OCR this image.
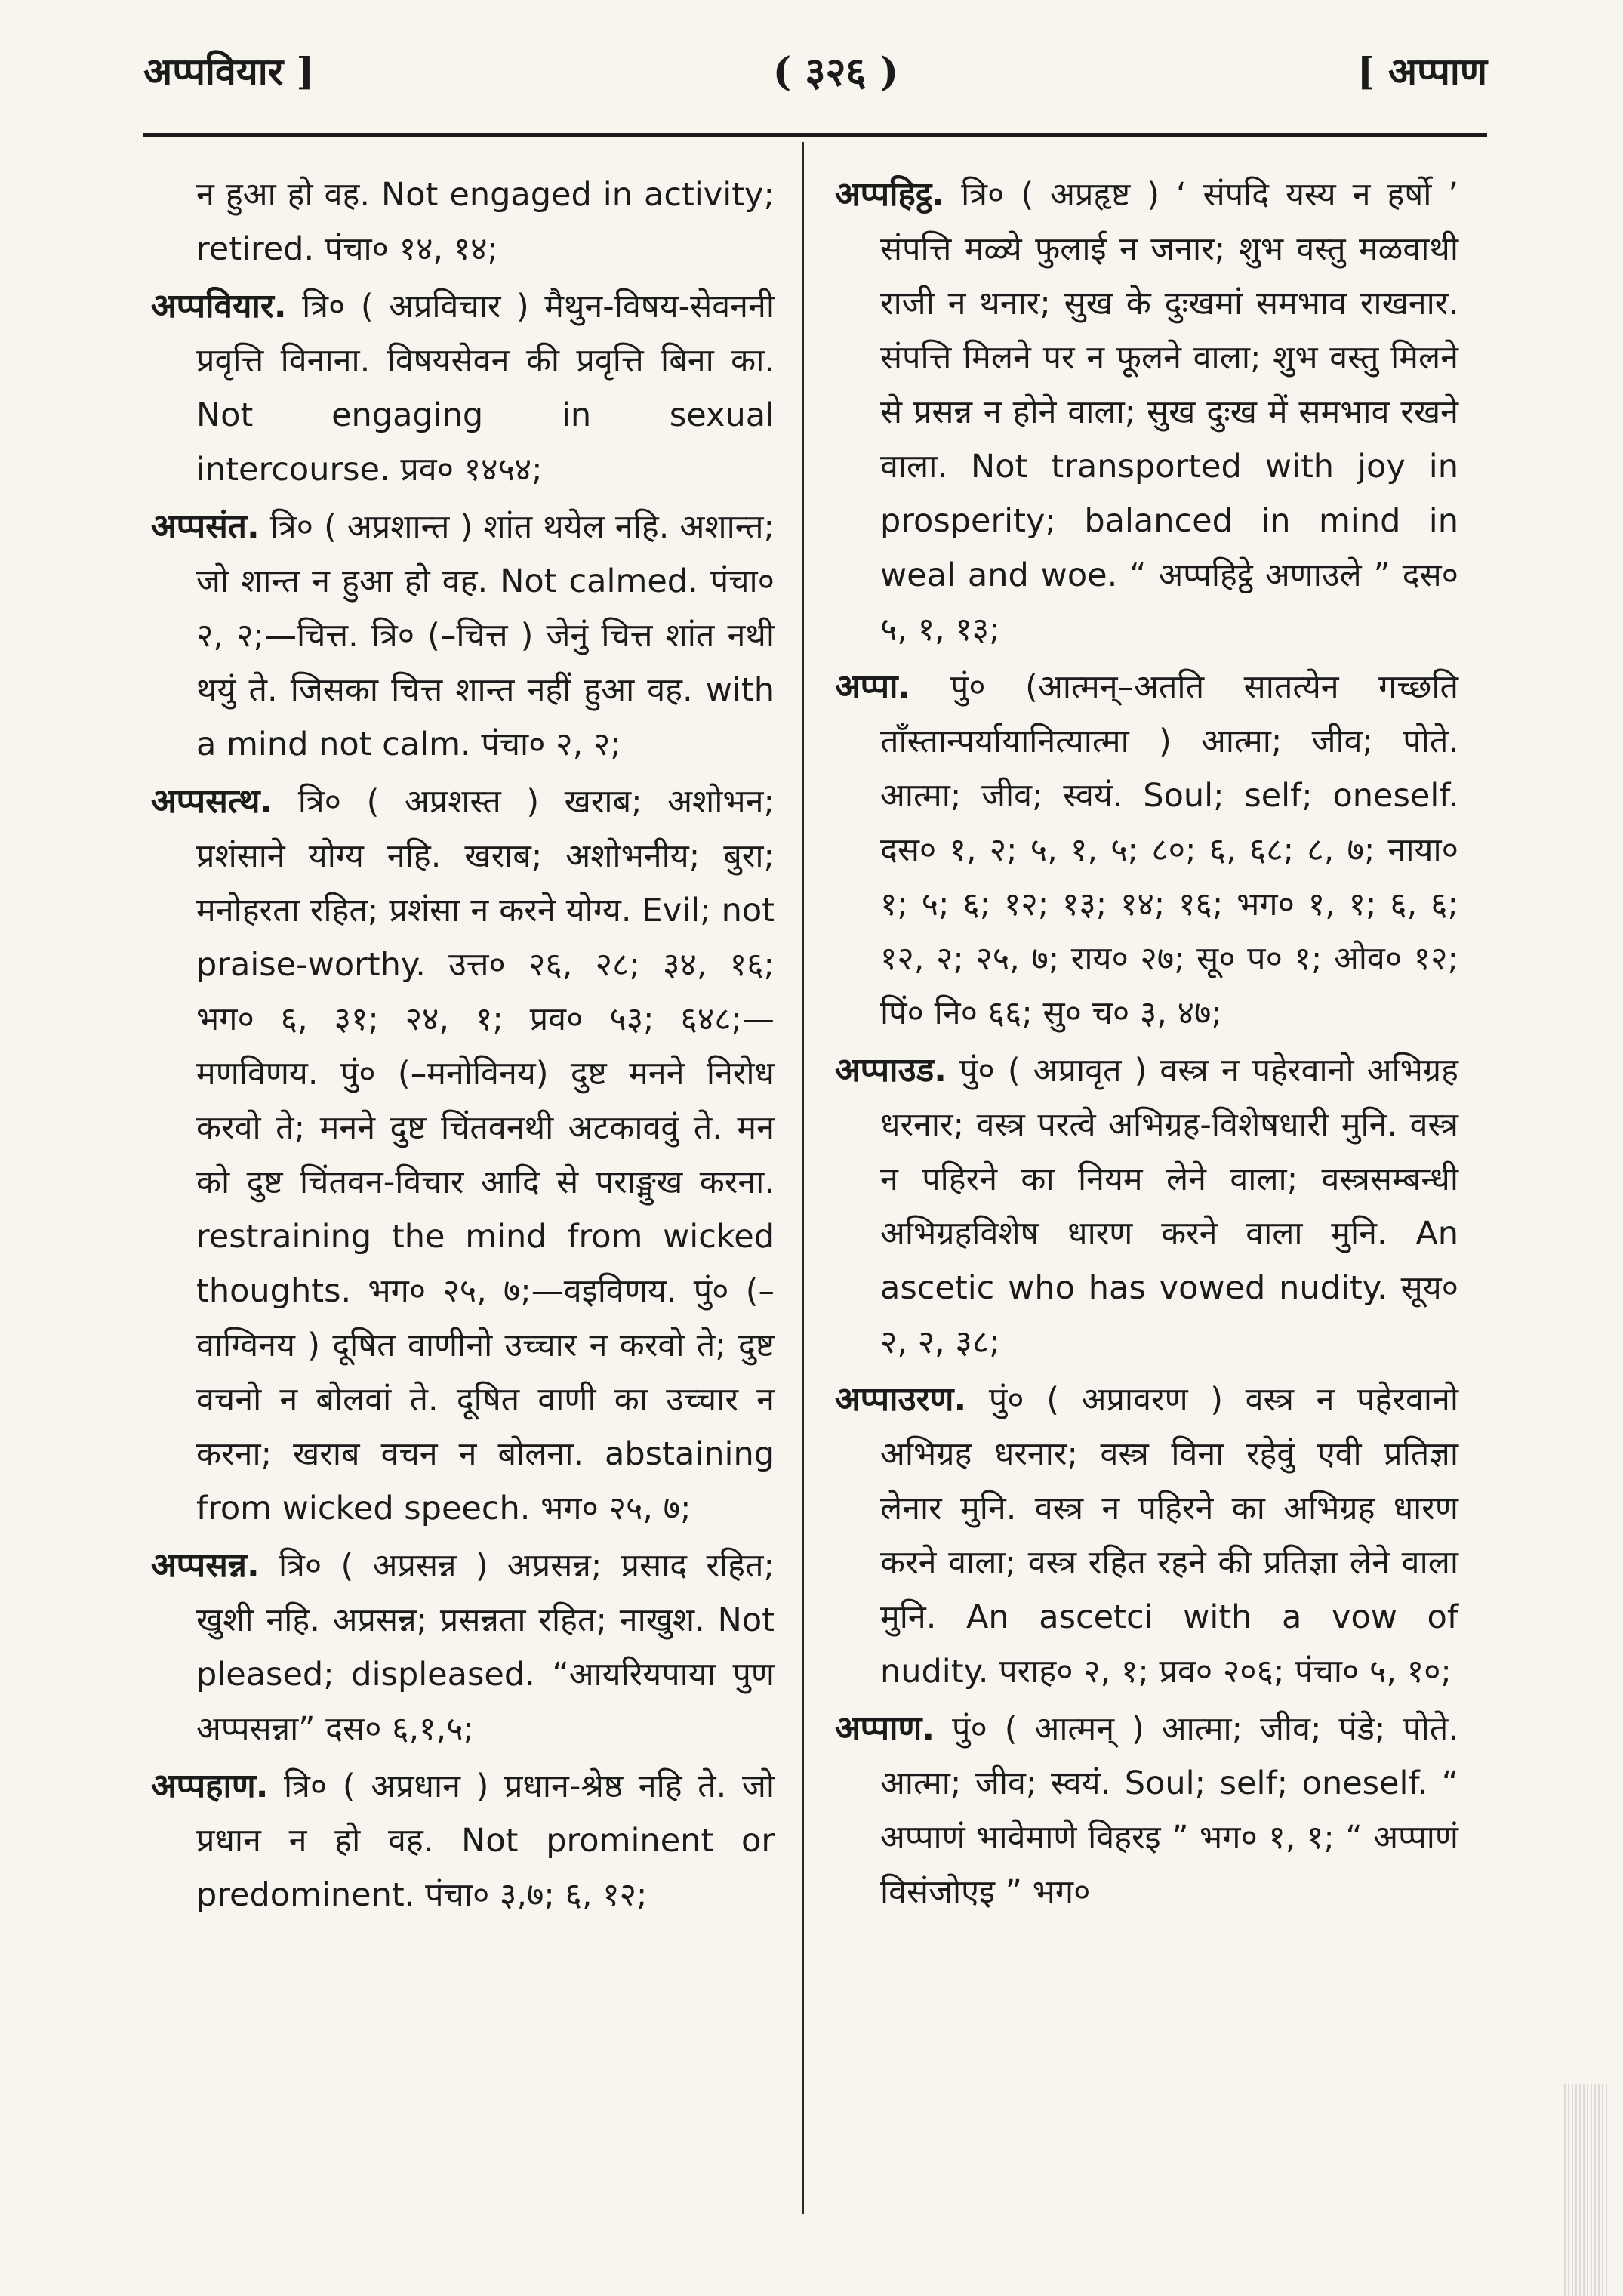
अप्पवियार ]	( ३२६ )	[ अप्पाण

न हुआ हो वह. Not engaged in activity; retired. पंचा० १४, १४;

अप्पवियार. त्रि० ( अप्रविचार ) मैथुन-विषय-सेवननी प्रवृत्ति विनाना. विषयसेवन की प्रवृत्ति बिना का. Not engaging in sexual intercourse. प्रव० १४५४;

अप्पसंत. त्रि० ( अप्रशान्त ) शांत थयेल नहि. अशान्त; जो शान्त न हुआ हो वह. Not calmed. पंचा० २, २;—चित्त. त्रि० (–चित्त ) जेनुं चित्त शांत नथी थयुं ते. जिसका चित्त शान्त नहीं हुआ वह. with a mind not calm. पंचा० २, २;

अप्पसत्थ. त्रि० ( अप्रशस्त ) खराब; अशोभन; प्रशंसाने योग्य नहि. खराब; अशोभनीय; बुरा; मनोहरता रहित; प्रशंसा न करने योग्य. Evil; not praise-worthy. उत्त० २६, २८; ३४, १६; भग० ६, ३१; २४, १; प्रव० ५३; ६४८;—मणविणय. पुं० (–मनोविनय) दुष्ट मनने निरोध करवो ते; मनने दुष्ट चिंतवनथी अटकाववुं ते. मन को दुष्ट चिंतवन-विचार आदि से पराङ्मुख करना. restraining the mind from wicked thoughts. भग० २५, ७;—वइविणय. पुं० (–वाग्विनय ) दूषित वाणीनो उच्चार न करवो ते; दुष्ट वचनो न बोलवां ते. दूषित वाणी का उच्चार न करना; खराब वचन न बोलना. abstaining from wicked speech. भग० २५, ७;

अप्पसन्न. त्रि० ( अप्रसन्न ) अप्रसन्न; प्रसाद रहित; खुशी नहि. अप्रसन्न; प्रसन्नता रहित; नाखुश. Not pleased; displeased. “आयरियपाया पुण अप्पसन्ना” दस० ६,१,५;

अप्पहाण. त्रि० ( अप्रधान ) प्रधान-श्रेष्ठ नहि ते. जो प्रधान न हो वह. Not prominent or predominent. पंचा० ३,७; ६, १२;

अप्पहिट्ठ. त्रि० ( अप्रहृष्ट ) ‘ संपदि यस्य न हर्षो ’ संपत्ति मळ्ये फुलाई न जनार; शुभ वस्तु मळवाथी राजी न थनार; सुख के दुःखमां समभाव राखनार. संपत्ति मिलने पर न फूलने वाला; शुभ वस्तु मिलने से प्रसन्न न होने वाला; सुख दुःख में समभाव रखने वाला. Not transported with joy in prosperity; balanced in mind in weal and woe. “ अप्पहिट्ठे अणाउले ” दस० ५, १, १३;

अप्पा. पुं० (आत्मन्–अतति सातत्येन गच्छति ताँस्तान्पर्यायानित्यात्मा ) आत्मा; जीव; पोते. आत्मा; जीव; स्वयं. Soul; self; oneself. दस० १, २; ५, १, ५; ८०; ६, ६८; ८, ७; नाया० १; ५; ६; १२; १३; १४; १६; भग० १, १; ६, ६; १२, २; २५, ७; राय० २७; सू० प० १; ओव० १२; पिं० नि० ६६; सु० च० ३, ४७;

अप्पाउड. पुं० ( अप्रावृत ) वस्त्र न पहेरवानो अभिग्रह धरनार; वस्त्र परत्वे अभिग्रह-विशेषधारी मुनि. वस्त्र न पहिरने का नियम लेने वाला; वस्त्रसम्बन्धी अभिग्रहविशेष धारण करने वाला मुनि. An ascetic who has vowed nudity. सूय० २, २, ३८;

अप्पाउरण. पुं० ( अप्रावरण ) वस्त्र न पहेरवानो अभिग्रह धरनार; वस्त्र विना रहेवुं एवी प्रतिज्ञा लेनार मुनि. वस्त्र न पहिरने का अभिग्रह धारण करने वाला; वस्त्र रहित रहने की प्रतिज्ञा लेने वाला मुनि. An ascetci with a vow of nudity. पराह० २, १; प्रव० २०६; पंचा० ५, १०;

अप्पाण. पुं० ( आत्मन् ) आत्मा; जीव; पंडे; पोते. आत्मा; जीव; स्वयं. Soul; self; oneself. “ अप्पाणं भावेमाणे विहरइ ” भग० १, १; “ अप्पाणं विसंजोएइ ” भग०
